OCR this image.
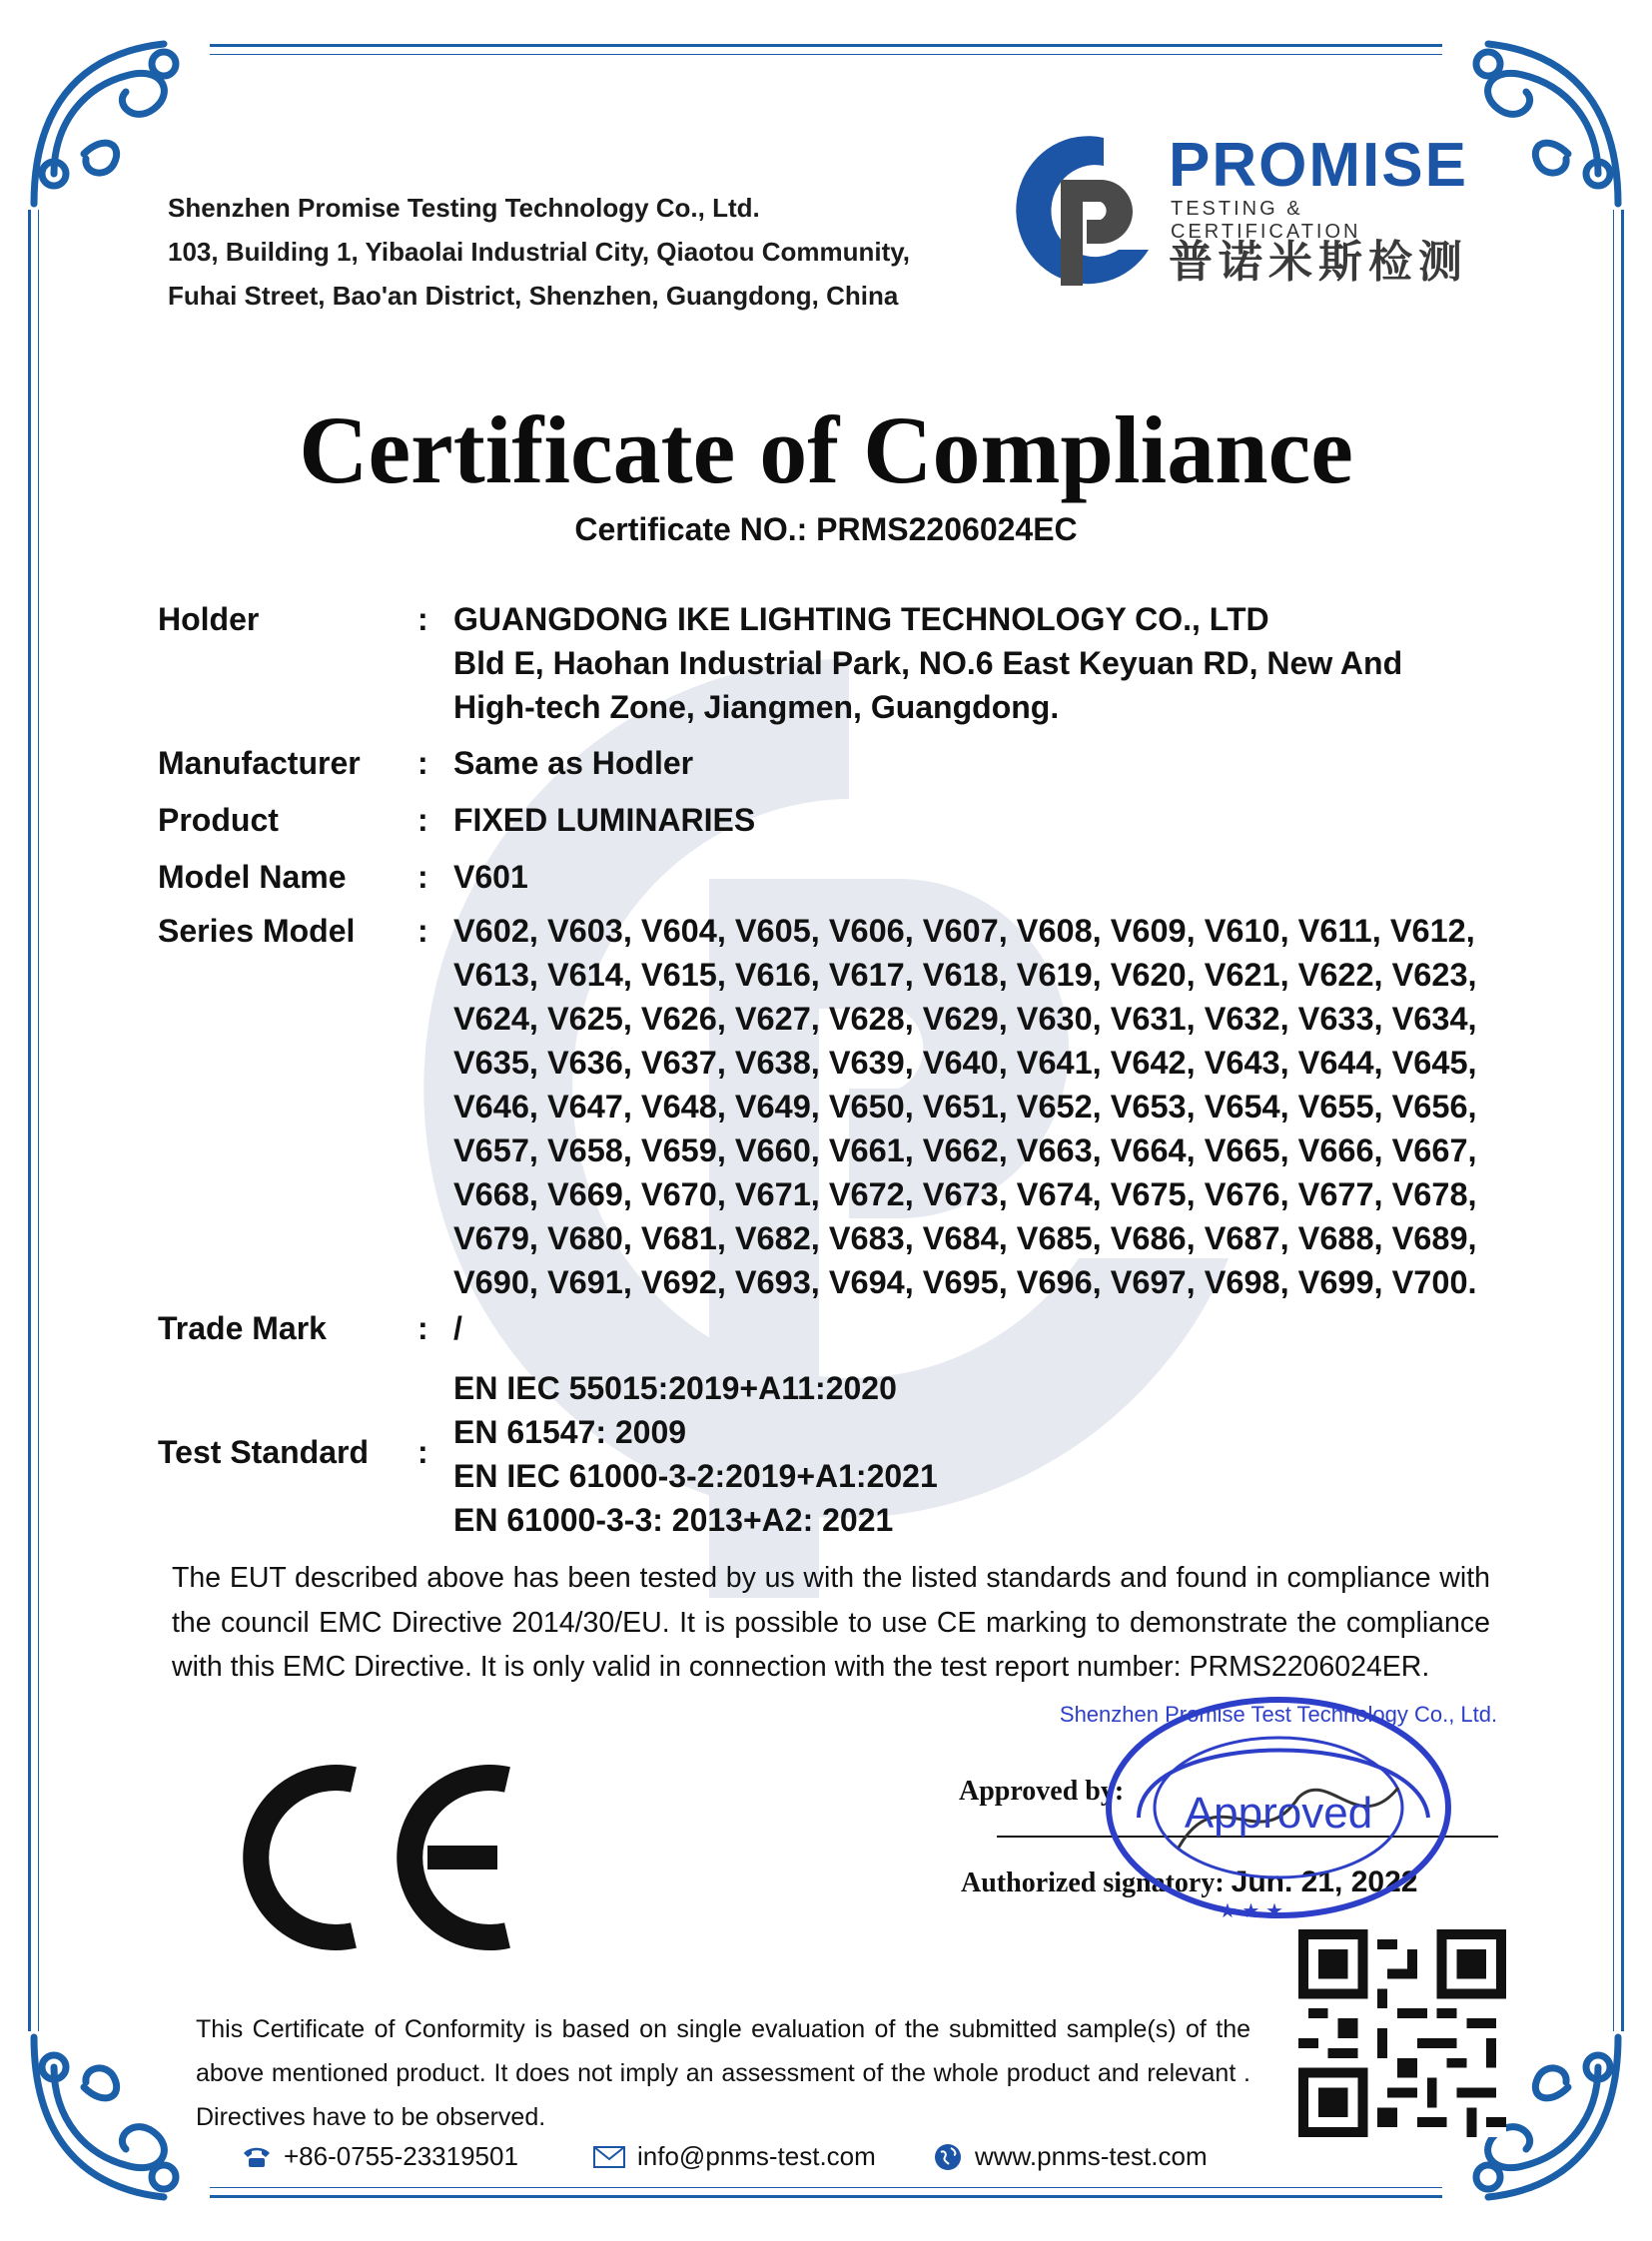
Shenzhen Promise Testing Technology Co., Ltd.
103, Building 1, Yibaolai Industrial City, Qiaotou Community,
Fuhai Street, Bao'an District, Shenzhen, Guangdong, China
PROMISE
TESTING & CERTIFICATION
普诺米斯检测
Certificate of Compliance
Certificate NO.: PRMS2206024EC
Holder	: GUANGDONG IKE LIGHTING TECHNOLOGY CO., LTD
Bld E, Haohan Industrial Park, NO.6 East Keyuan RD, New And
High-tech Zone, Jiangmen, Guangdong.
Manufacturer : Same as Hodler
Product	: FIXED LUMINARIES
Model Name : V601
Series Model : V602, V603, V604, V605, V606, V607, V608, V609, V610, V611, V612,
V613, V614, V615, V616, V617, V618, V619, V620, V621, V622, V623,
V624, V625, V626, V627, V628, V629, V630, V631, V632, V633, V634,
V635, V636, V637, V638, V639, V640, V641, V642, V643, V644, V645,
V646, V647, V648, V649, V650, V651, V652, V653, V654, V655, V656,
V657, V658, V659, V660, V661, V662, V663, V664, V665, V666, V667,
V668, V669, V670, V671, V672, V673, V674, V675, V676, V677, V678,
V679, V680, V681, V682, V683, V684, V685, V686, V687, V688, V689,
V690, V691, V692, V693, V694, V695, V696, V697, V698, V699, V700.
Trade Mark	: /
Test Standard :
EN IEC 55015:2019+A11:2020
EN 61547: 2009
EN IEC 61000-3-2:2019+A1:2021
EN 61000-3-3: 2013+A2: 2021
The EUT described above has been tested by us with the listed standards and found in compliance with the council EMC Directive 2014/30/EU. It is possible to use CE marking to demonstrate the compliance with this EMC Directive. It is only valid in connection with the test report number: PRMS2206024ER.
Approved by:
Authorized signatory: Jun. 21, 2022
Approved
Shenzhen Promise Test Technology Co., Ltd.
★ ★ ★
This Certificate of Conformity is based on single evaluation of the submitted sample(s) of the above mentioned product. It does not imply an assessment of the whole product and relevant . Directives have to be observed.
+86-0755-23319501	info@pnms-test.com	www.pnms-test.com
